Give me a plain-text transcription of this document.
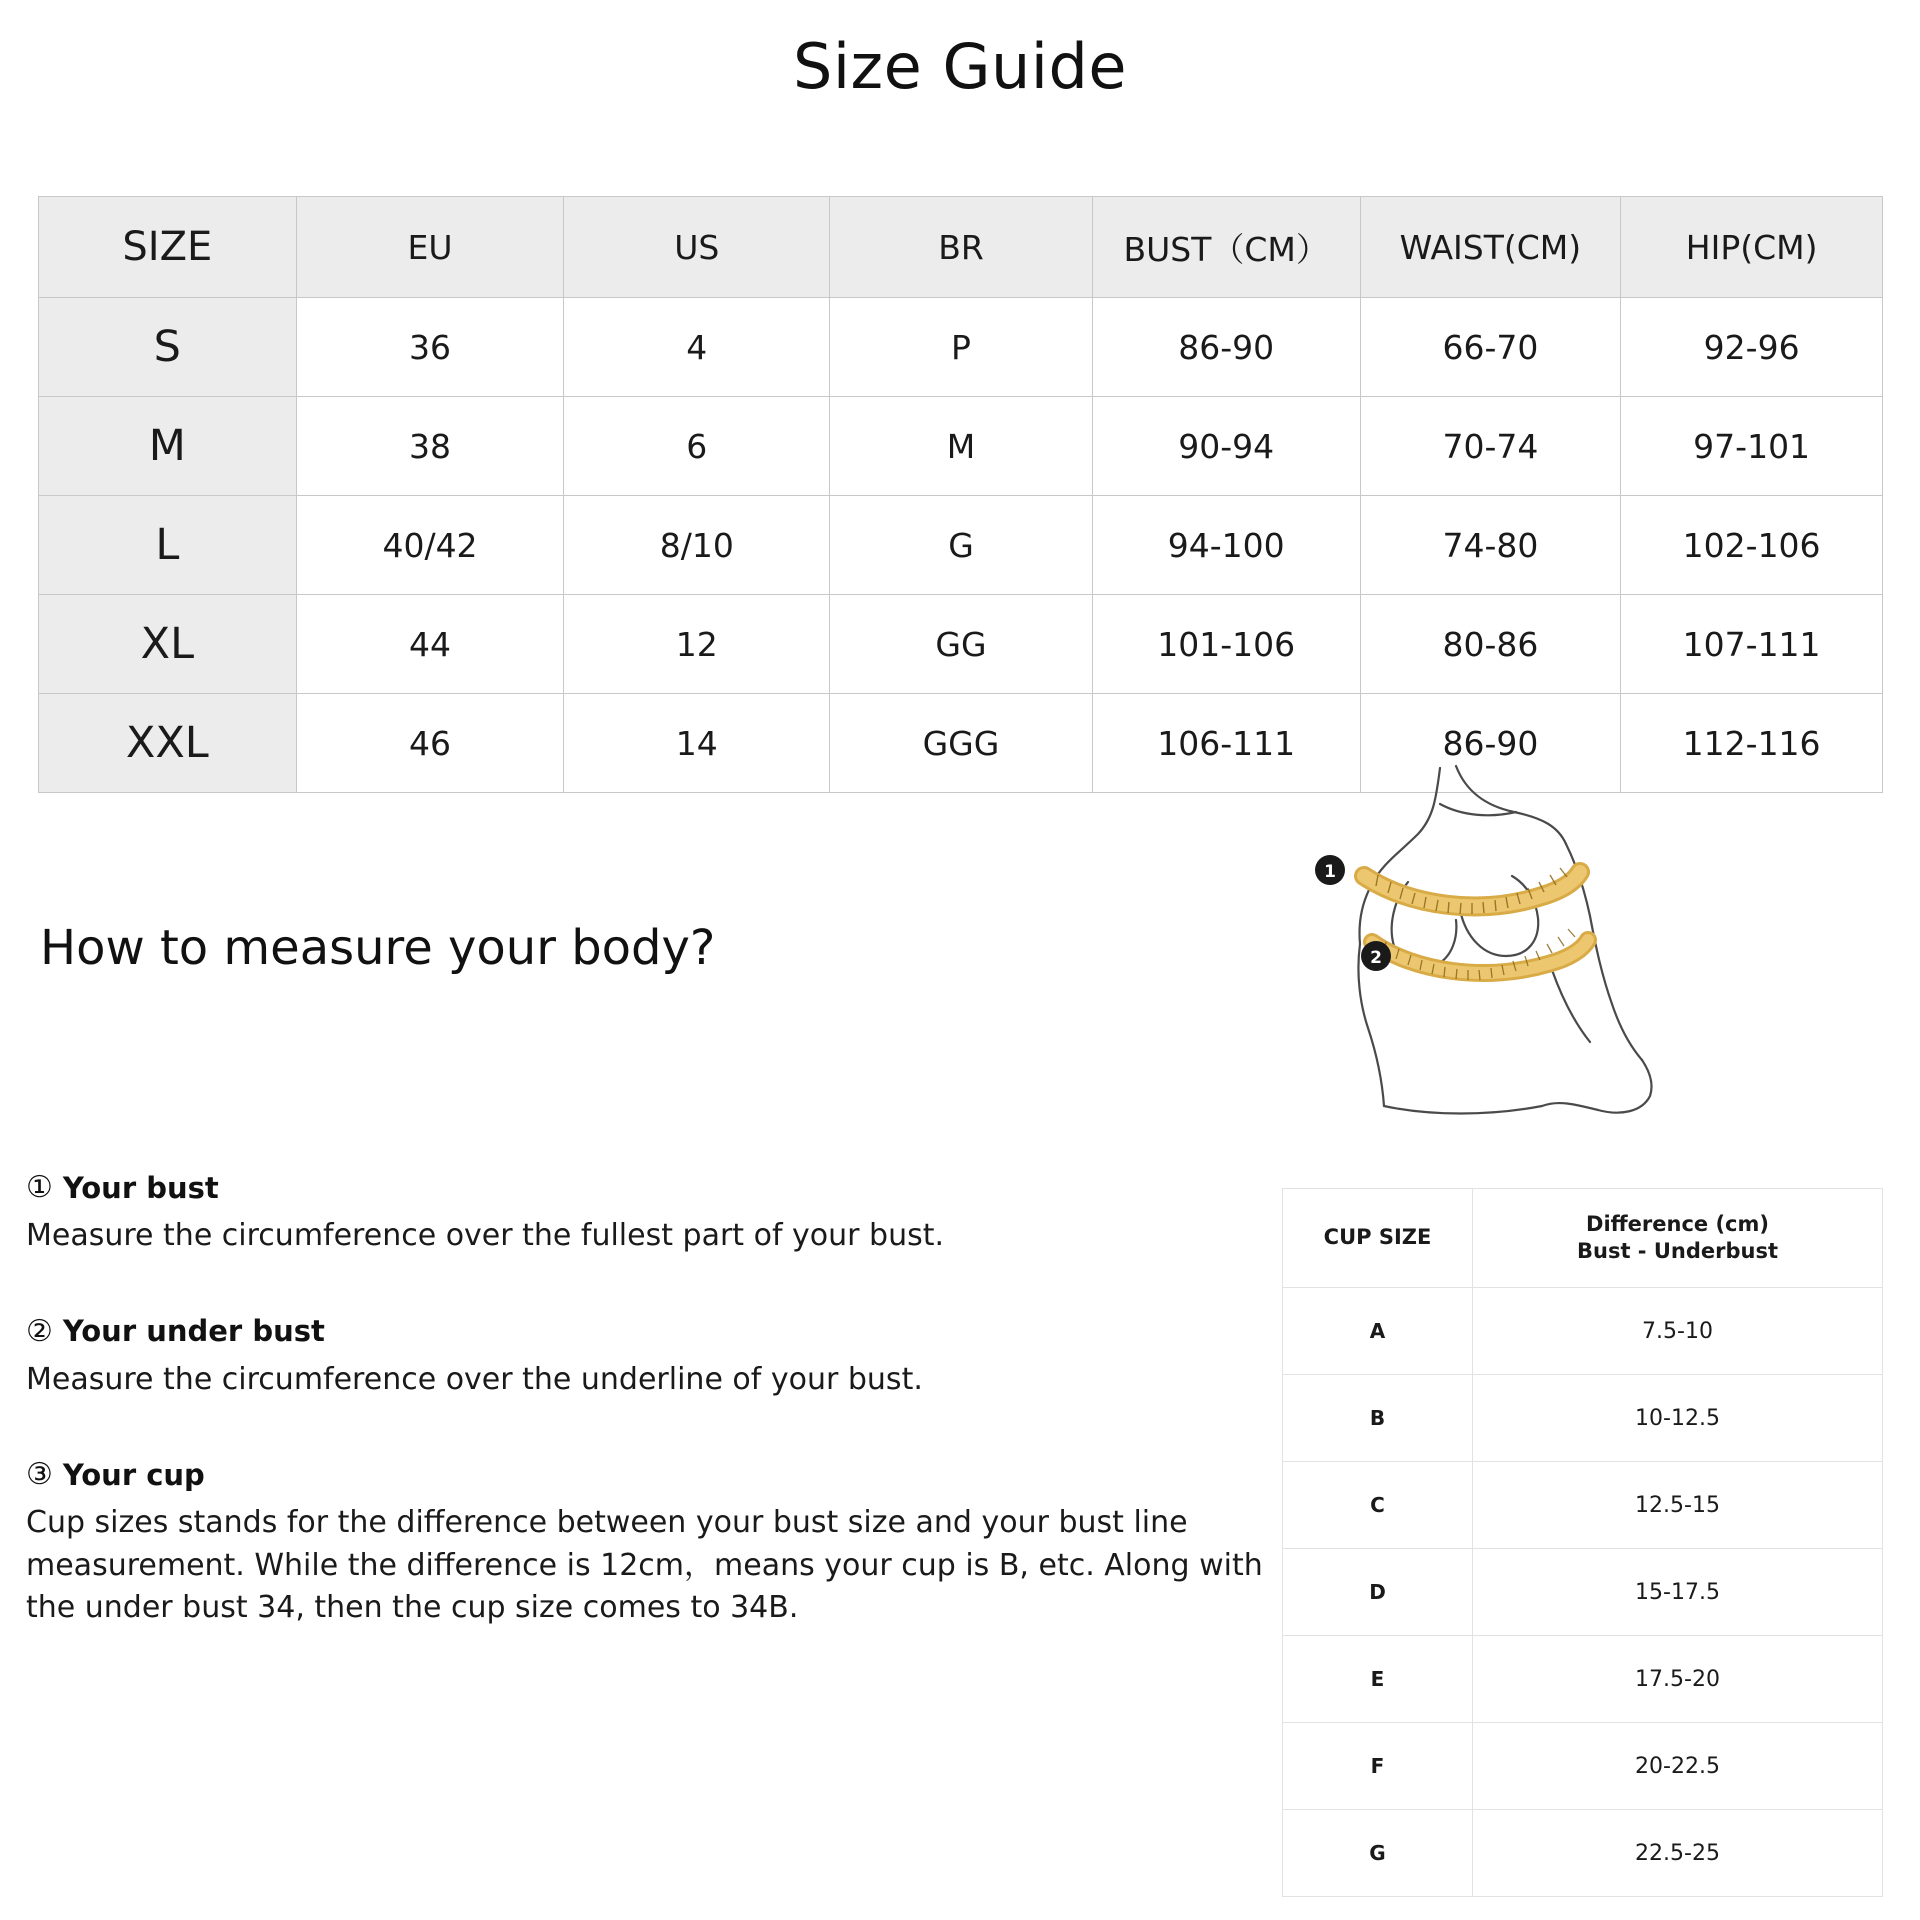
Size Guide
SIZE	EU	US	BR	BUST（CM）	WAIST(CM)	HIP(CM)
S	36	4	P	86-90	66-70	92-96
M	38	6	M	90-94	70-74	97-101
L	40/42	8/10	G	94-100	74-80	102-106
XL	44	12	GG	101-106	80-86	107-111
XXL	46	14	GGG	106-111	86-90	112-116
How to measure your body?
1
2
① Your bust
Measure the circumference over the fullest part of your bust.
② Your under bust
Measure the circumference over the underline of your bust.
③ Your cup
Cup sizes stands for the difference between your bust size and your bust line measurement. While the difference is 12cm，means your cup is B, etc. Along with the under bust 34, then the cup size comes to 34B.
CUP SIZE	Difference (cm)
Bust - Underbust
A	7.5-10
B	10-12.5
C	12.5-15
D	15-17.5
E	17.5-20
F	20-22.5
G	22.5-25
